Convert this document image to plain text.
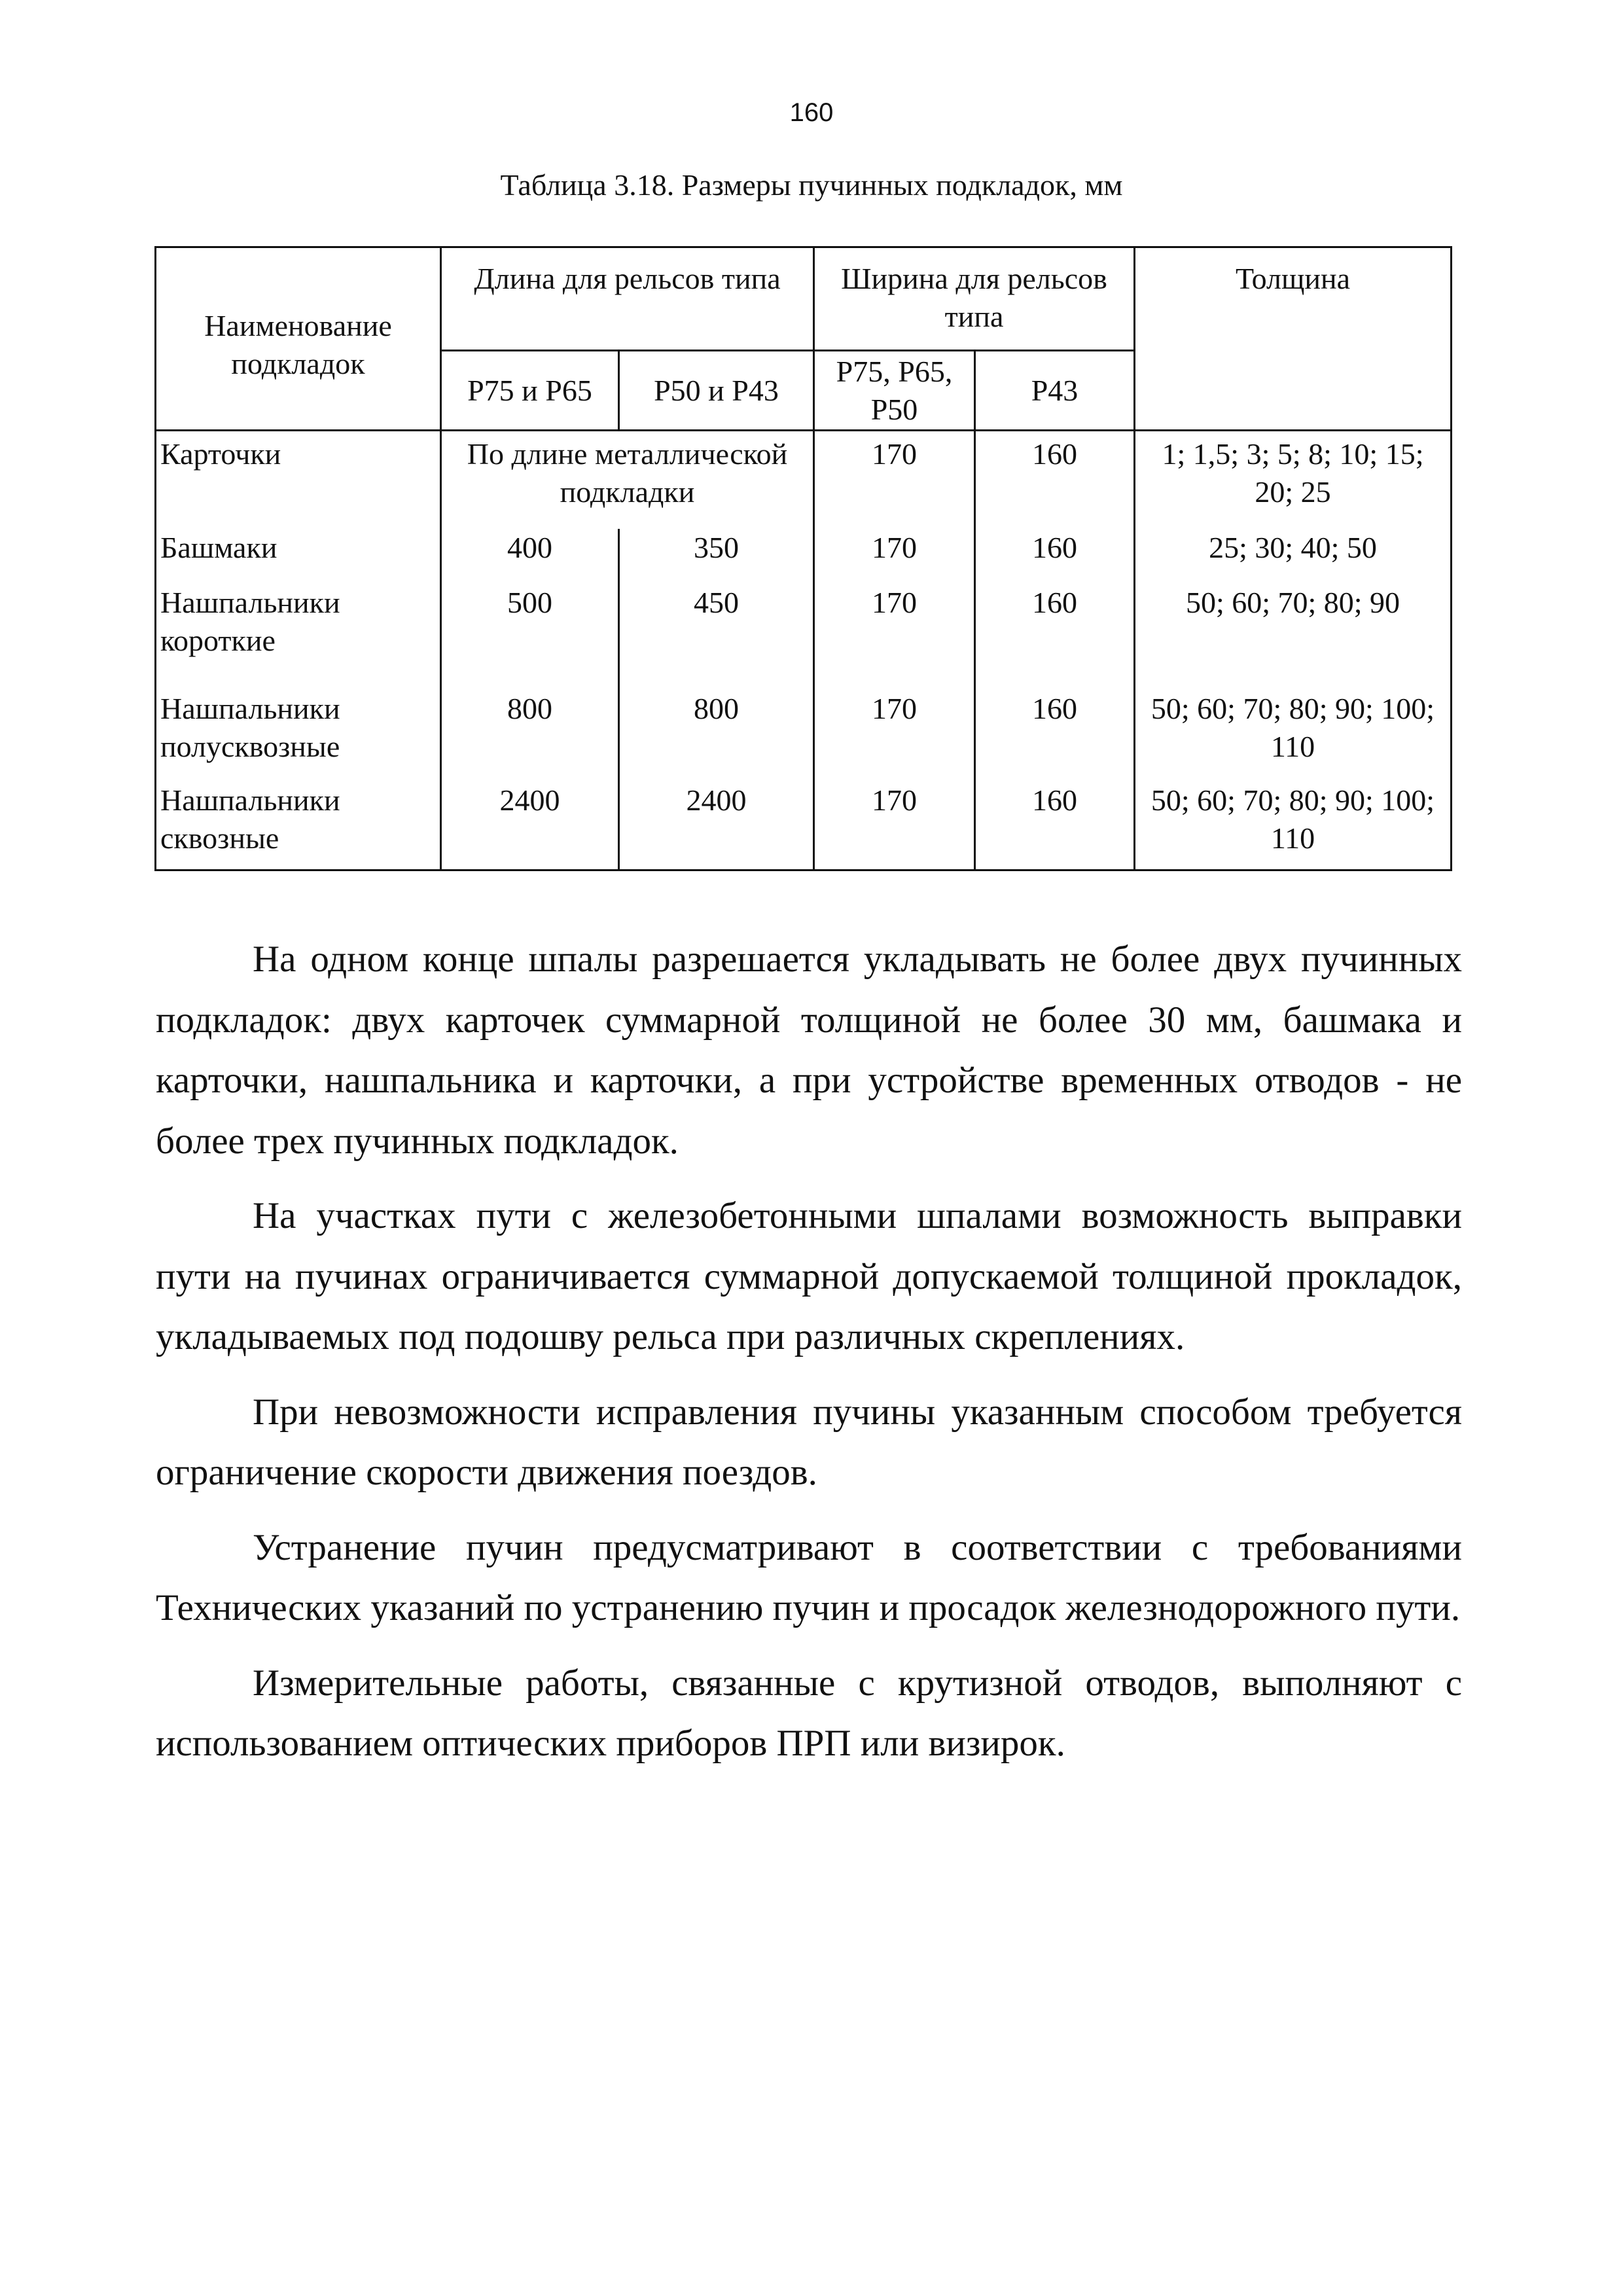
160
Таблица 3.18. Размеры пучинных подкладок, мм
Наименование подкладок	Длина для рельсов типа		Ширина для рельсов типа		Толщина
	Р75 и Р65	Р50 и Р43	Р75, Р65, Р50	Р43	
Карточки	По длине металлической подкладки		170	160	1; 1,5; 3; 5; 8; 10; 15; 20; 25
Башмаки	400	350	170	160	25; 30; 40; 50
Нашпальники короткие	500	450	170	160	50; 60; 70; 80; 90
Нашпальники полусквозные	800	800	170	160	50; 60; 70; 80; 90; 100; 110
Нашпальники сквозные	2400	2400	170	160	50; 60; 70; 80; 90; 100; 110

На одном конце шпалы разрешается укладывать не более двух пучинных подкладок: двух карточек суммарной толщиной не более 30 мм, башмака и карточки, нашпальника и карточки, а при устройстве временных отводов - не более трех пучинных подкладок.

На участках пути с железобетонными шпалами возможность выправки пути на пучинах ограничивается суммарной допускаемой толщиной прокладок, укладываемых под подошву рельса при различных скреплениях.

При невозможности исправления пучины указанным способом требуется ограничение скорости движения поездов.

Устранение пучин предусматривают в соответствии с требованиями Технических указаний по устранению пучин и просадок железнодорожного пути.

Измерительные работы, связанные с крутизной отводов, выполняют с использованием оптических приборов ПРП или визирок.
